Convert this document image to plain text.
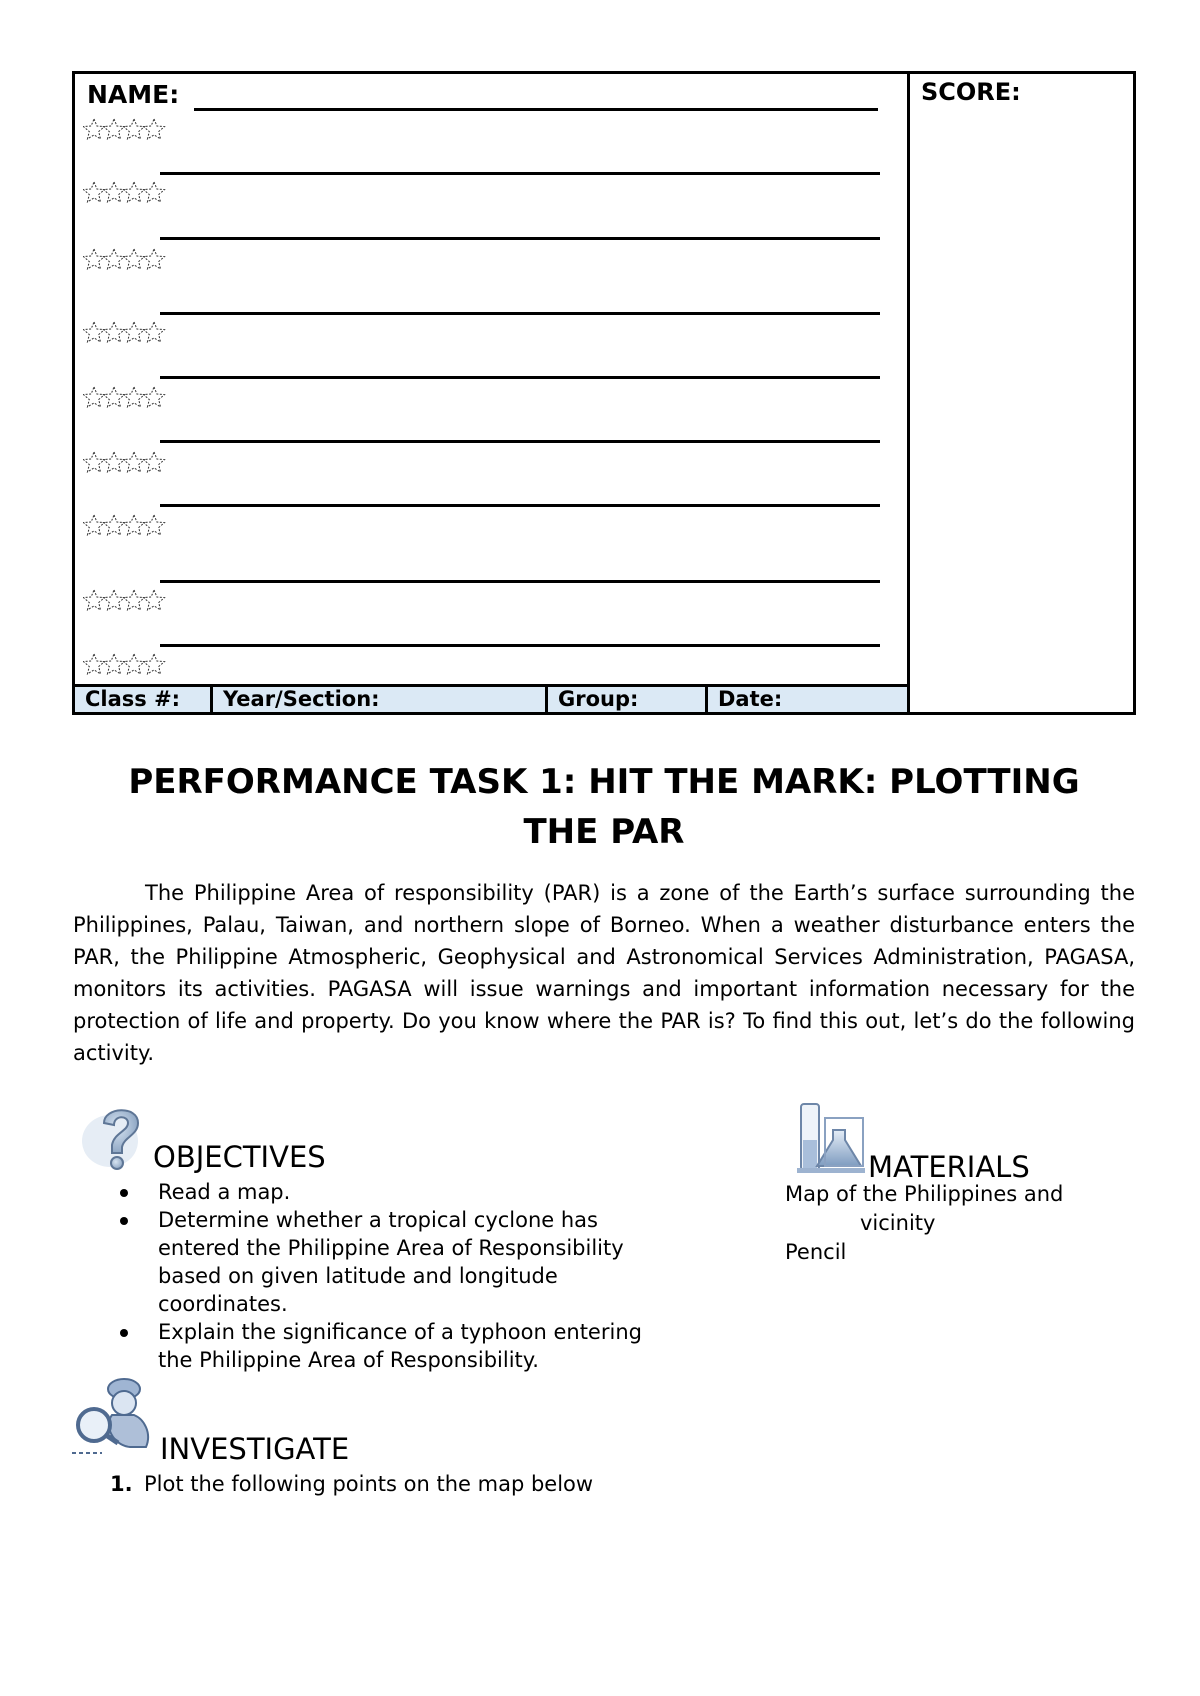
NAME:	SCORE:
Class #:	Year/Section:	Group:	Date:
PERFORMANCE TASK 1: HIT THE MARK: PLOTTING
THE PAR
The Philippine Area of responsibility (PAR) is a zone of the Earth’s surface surrounding the Philippines, Palau, Taiwan, and northern slope of Borneo. When a weather disturbance enters the PAR, the Philippine Atmospheric, Geophysical and Astronomical Services Administration, PAGASA, monitors its activities. PAGASA will issue warnings and important information necessary for the protection of life and property. Do you know where the PAR is? To find this out, let’s do the following activity.
OBJECTIVES
Read a map.
Determine whether a tropical cyclone has entered the Philippine Area of Responsibility based on given latitude and longitude coordinates.
Explain the significance of a typhoon entering the Philippine Area of Responsibility.
MATERIALS
Map of the Philippines and
vicinity
Pencil
INVESTIGATE
1. Plot the following points on the map below
